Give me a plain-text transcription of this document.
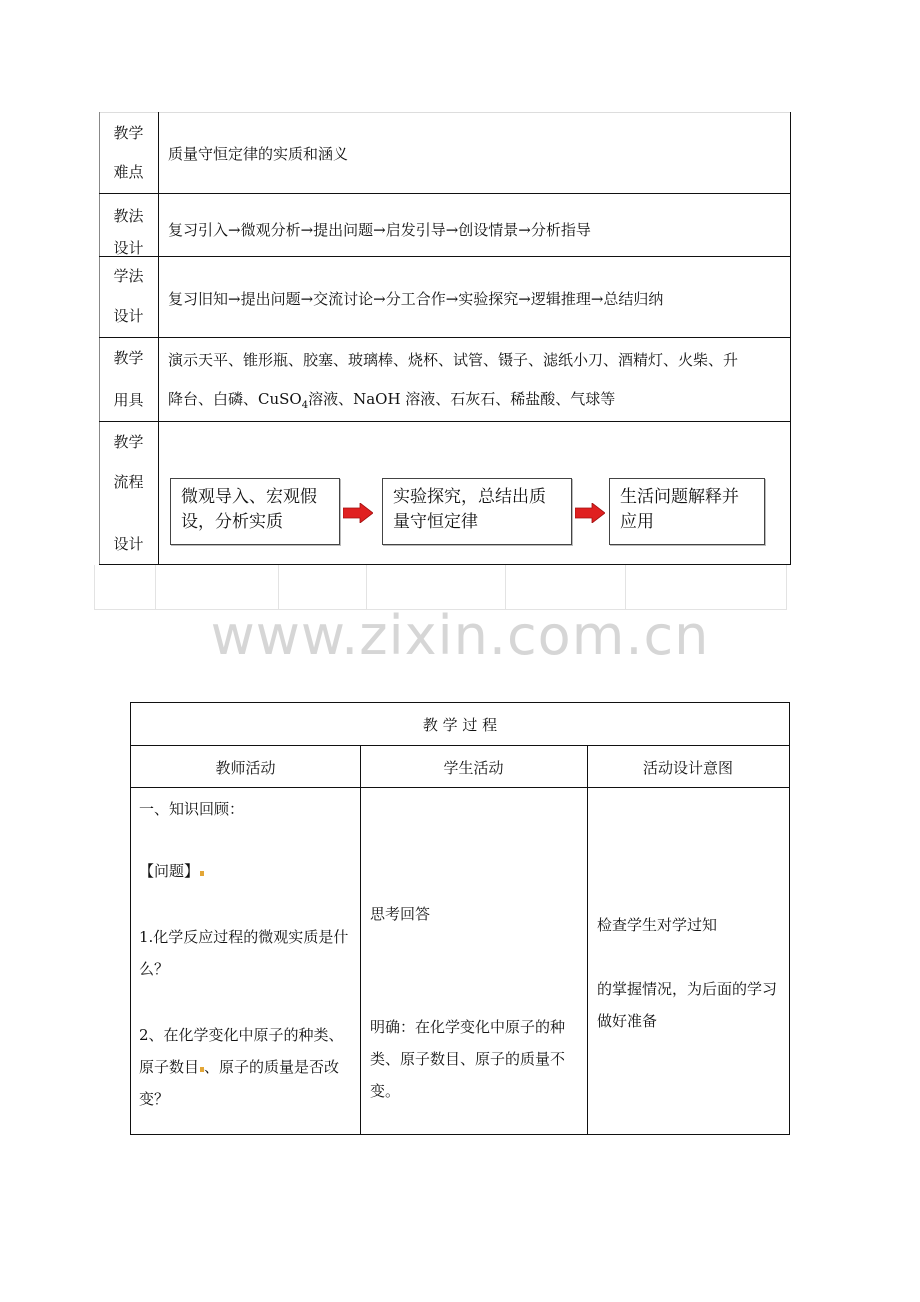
教学
难点
质量守恒定律的实质和涵义
教法
设计
复习引入→微观分析→提出问题→启发引导→创设情景→分析指导
学法
设计
复习旧知→提出问题→交流讨论→分工合作→实验探究→逻辑推理→总结归纳
教学
用具
演示天平、锥形瓶、胶塞、玻璃棒、烧杯、试管、镊子、滤纸小刀、酒精灯、火柴、升
降台、白磷、CuSO$_4$溶液、NaOH 溶液、石灰石、稀盐酸、气球等
教学
流程
设计
微观导入、宏观假设，分析实质
实验探究，总结出质量守恒定律
生活问题解释并应用
www.zixin.com.cn
教 学 过 程
教师活动	学生活动	活动设计意图
一、知识回顾：
【问题】
1.化学反应过程的微观实质是什么？
2、在化学变化中原子的种类、原子数目 、原子的质量是否改变？
思考回答
明确：在化学变化中原子的种类、原子数目、原子的质量不变。
检查学生对学过知
的掌握情况，为后面的学习做好准备
